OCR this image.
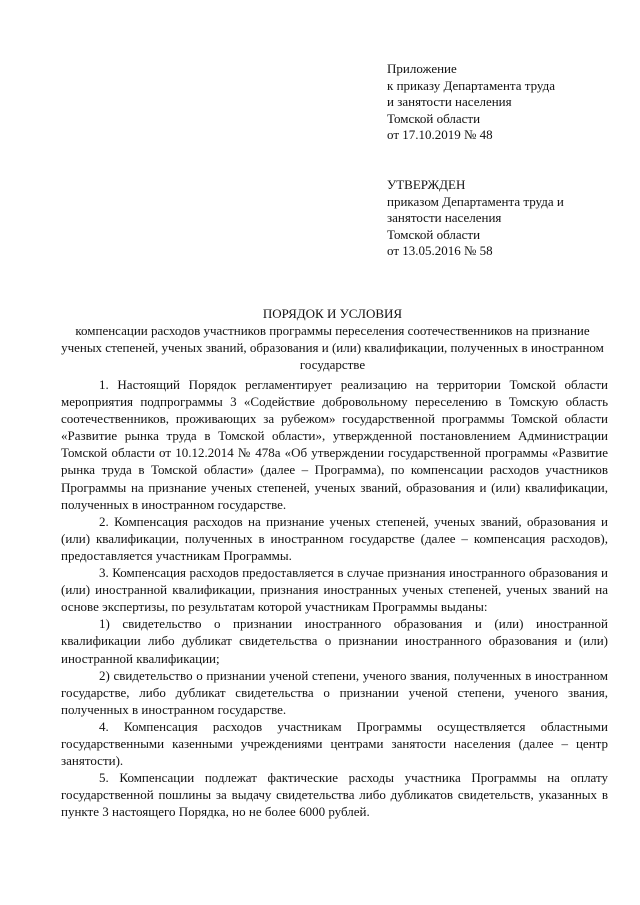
Приложение
к приказу Департамента труда
и занятости населения
Томской области
от 17.10.2019 № 48
УТВЕРЖДЕН
приказом Департамента труда и
занятости населения
Томской области
от 13.05.2016 № 58
ПОРЯДОК И УСЛОВИЯ
компенсации расходов участников программы переселения соотечественников на признание ученых степеней, ученых званий, образования и (или) квалификации, полученных в иностранном государстве

1. Настоящий Порядок регламентирует реализацию на территории Томской области мероприятия подпрограммы 3 «Содействие добровольному переселению в Томскую область соотечественников, проживающих за рубежом» государственной программы Томской области «Развитие рынка труда в Томской области», утвержденной постановлением Администрации Томской области от 10.12.2014 № 478а «Об утверждении государственной программы «Развитие рынка труда в Томской области» (далее – Программа), по компенсации расходов участников Программы на признание ученых степеней, ученых званий, образования и (или) квалификации, полученных в иностранном государстве.

2. Компенсация расходов на признание ученых степеней, ученых званий, образования и (или) квалификации, полученных в иностранном государстве (далее – компенсация расходов), предоставляется участникам Программы.

3. Компенсация расходов предоставляется в случае признания иностранного образования и (или) иностранной квалификации, признания иностранных ученых степеней, ученых званий на основе экспертизы, по результатам которой участникам Программы выданы:

1) свидетельство о признании иностранного образования и (или) иностранной квалификации либо дубликат свидетельства о признании иностранного образования и (или) иностранной квалификации;

2) свидетельство о признании ученой степени, ученого звания, полученных в иностранном государстве, либо дубликат свидетельства о признании ученой степени, ученого звания, полученных в иностранном государстве.

4. Компенсация расходов участникам Программы осуществляется областными государственными казенными учреждениями центрами занятости населения (далее – центр занятости).

5. Компенсации подлежат фактические расходы участника Программы на оплату государственной пошлины за выдачу свидетельства либо дубликатов свидетельств, указанных в пункте 3 настоящего Порядка, но не более 6000 рублей.
